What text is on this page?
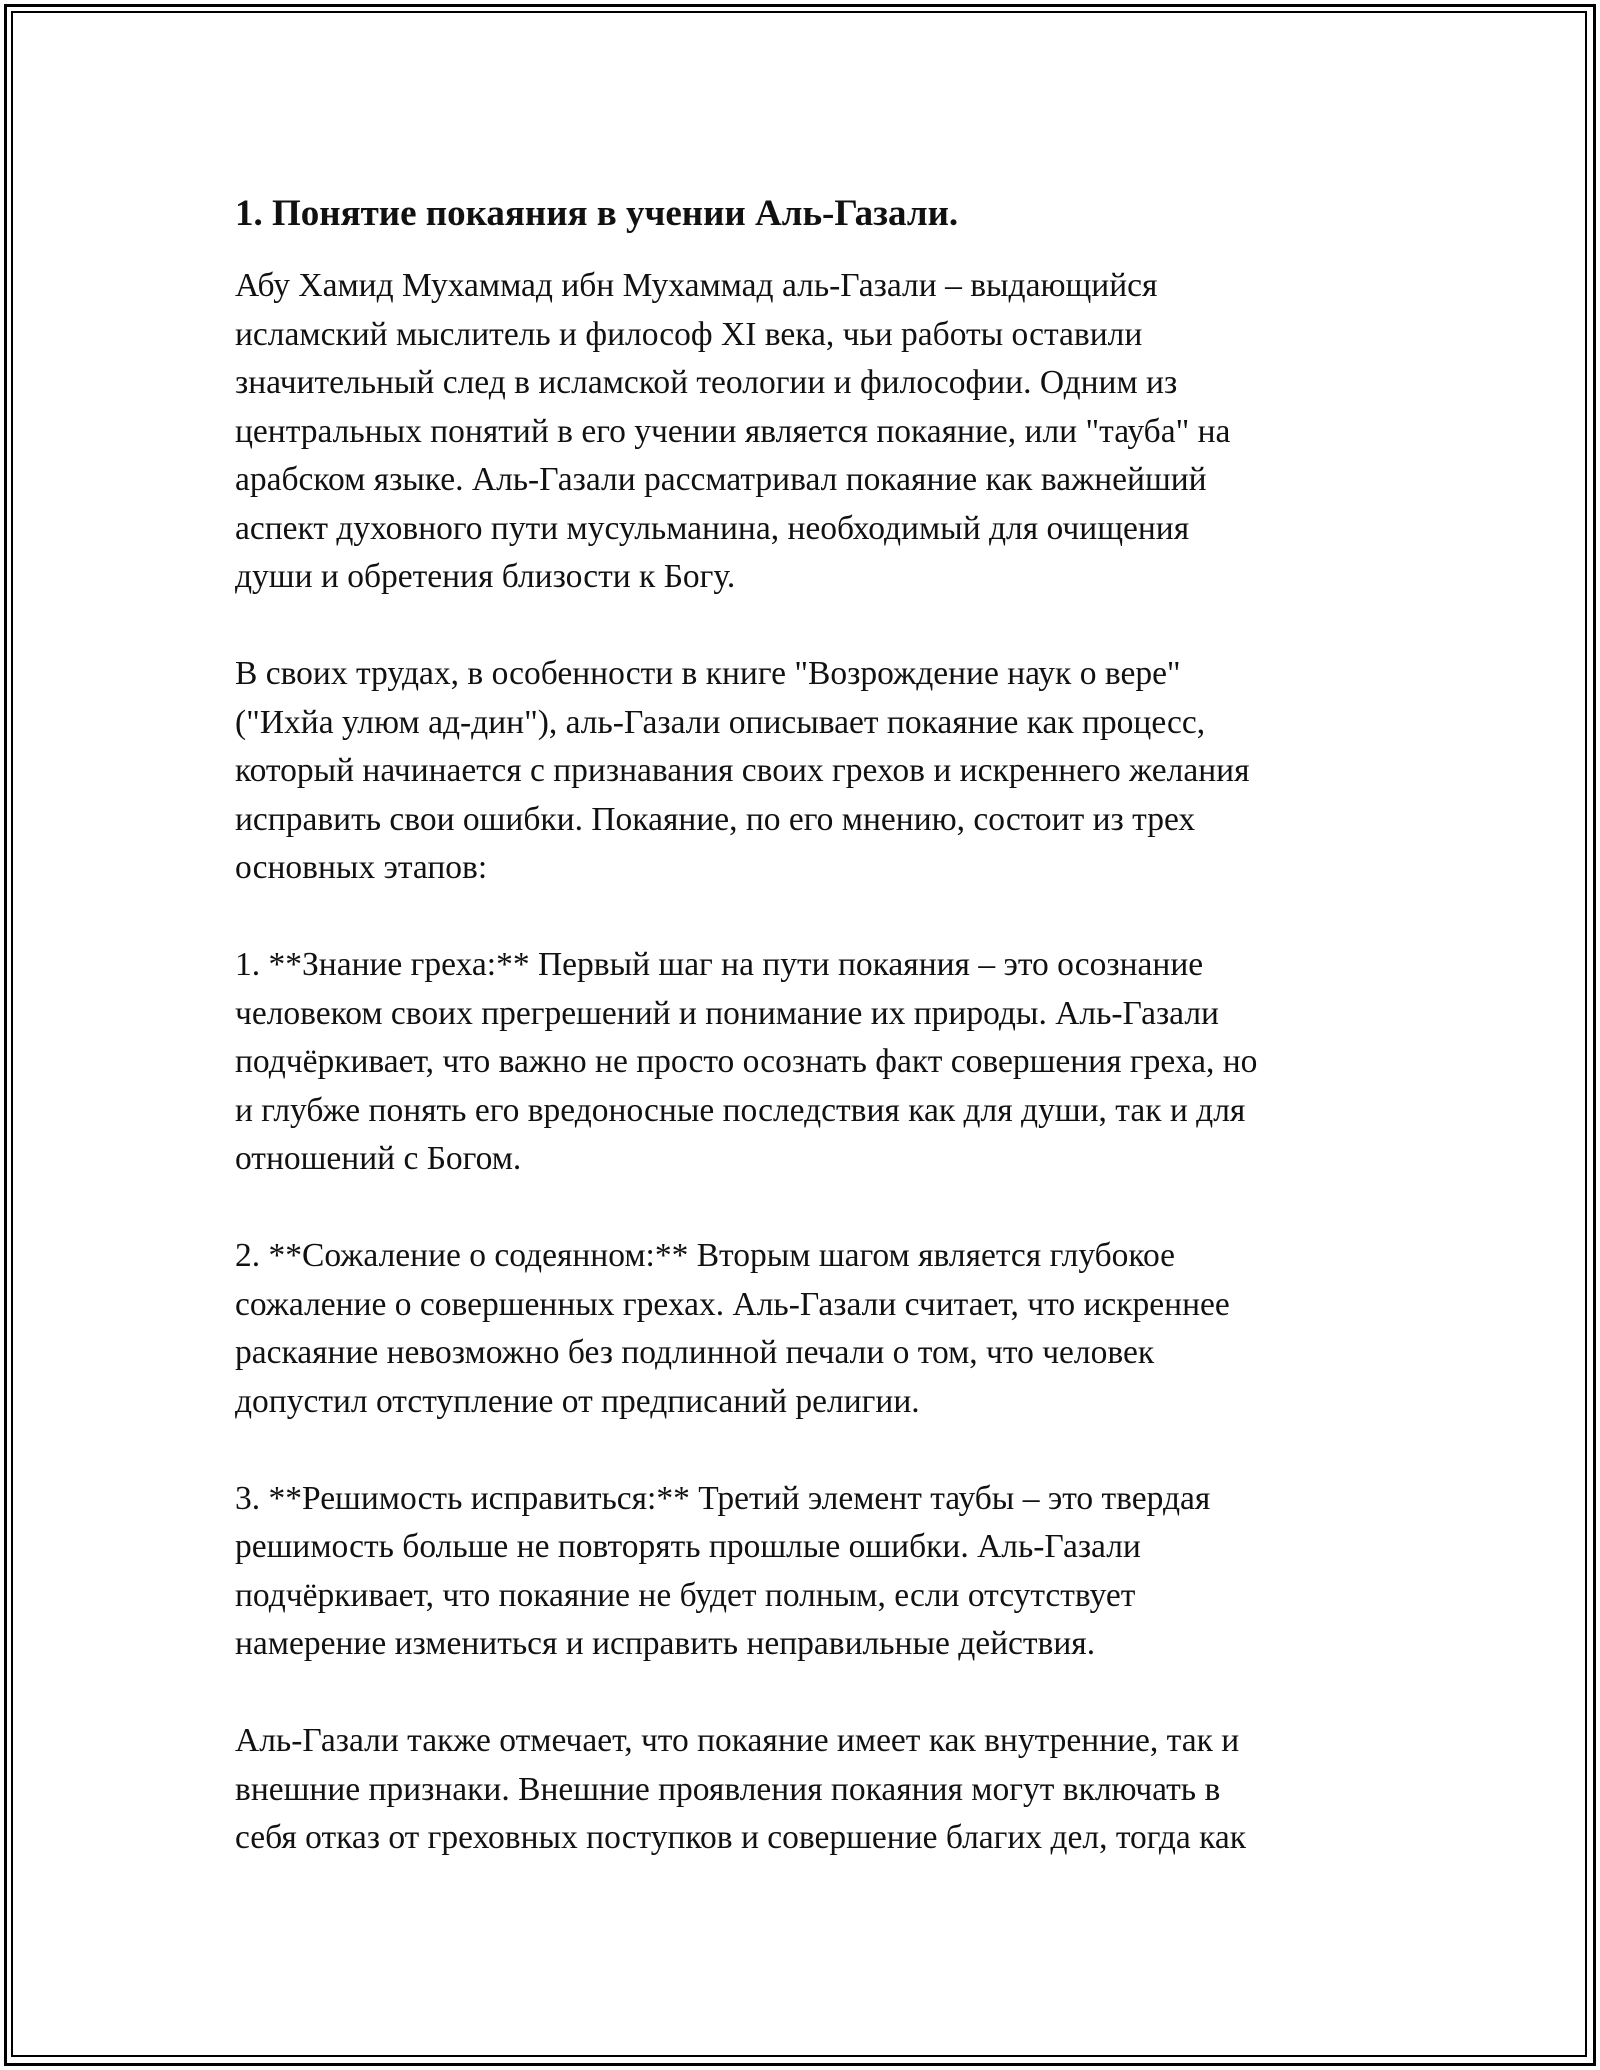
1. Понятие покаяния в учении Аль-Газали.
Абу Хамид Мухаммад ибн Мухаммад аль-Газали – выдающийся
исламский мыслитель и философ XI века, чьи работы оставили
значительный след в исламской теологии и философии. Одним из
центральных понятий в его учении является покаяние, или "тауба" на
арабском языке. Аль-Газали рассматривал покаяние как важнейший
аспект духовного пути мусульманина, необходимый для очищения
души и обретения близости к Богу.
В своих трудах, в особенности в книге "Возрождение наук о вере"
("Ихйа улюм ад-дин"), аль-Газали описывает покаяние как процесс,
который начинается с признавания своих грехов и искреннего желания
исправить свои ошибки. Покаяние, по его мнению, состоит из трех
основных этапов:
1. **Знание греха:** Первый шаг на пути покаяния – это осознание
человеком своих прегрешений и понимание их природы. Аль-Газали
подчёркивает, что важно не просто осознать факт совершения греха, но
и глубже понять его вредоносные последствия как для души, так и для
отношений с Богом.
2. **Сожаление о содеянном:** Вторым шагом является глубокое
сожаление о совершенных грехах. Аль-Газали считает, что искреннее
раскаяние невозможно без подлинной печали о том, что человек
допустил отступление от предписаний религии.
3. **Решимость исправиться:** Третий элемент таубы – это твердая
решимость больше не повторять прошлые ошибки. Аль-Газали
подчёркивает, что покаяние не будет полным, если отсутствует
намерение измениться и исправить неправильные действия.
Аль-Газали также отмечает, что покаяние имеет как внутренние, так и
внешние признаки. Внешние проявления покаяния могут включать в
себя отказ от греховных поступков и совершение благих дел, тогда как
